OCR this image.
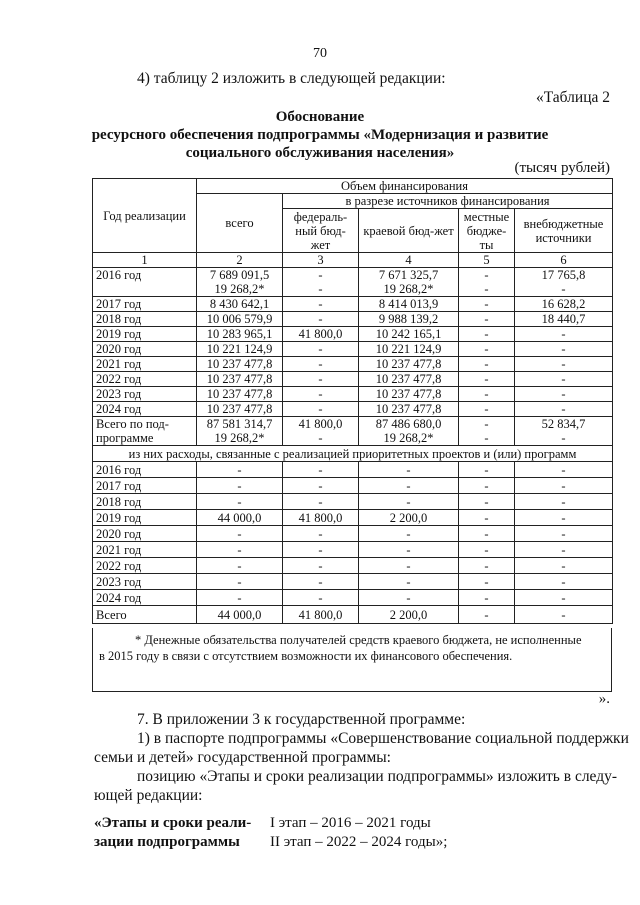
70
4) таблицу 2 изложить в следующей редакции:
«Таблица 2
Обоснование
ресурсного обеспечения подпрограммы «Модернизация и развитие
социального обслуживания населения»
(тысяч рублей)
Год реализации	Объем финансирования				
	всего	в разрезе источников финансирования			
		федераль-ный бюд-жет	краевой бюд-жет	местные бюдже-ты	внебюджетные источники
1	2	3	4	5	6
2016 год	7 689 091,5	-	7 671 325,7	-	17 765,8
	19 268,2*	-	19 268,2*	-	-
2017 год	8 430 642,1	-	8 414 013,9	-	16 628,2
2018 год	10 006 579,9	-	9 988 139,2	-	18 440,7
2019 год	10 283 965,1	41 800,0	10 242 165,1	-	-
2020 год	10 221 124,9	-	10 221 124,9	-	-
2021 год	10 237 477,8	-	10 237 477,8	-	-
2022 год	10 237 477,8	-	10 237 477,8	-	-
2023 год	10 237 477,8	-	10 237 477,8	-	-
2024 год	10 237 477,8	-	10 237 477,8	-	-
Всего по под-	87 581 314,7	41 800,0	87 486 680,0	-	52 834,7
программе	19 268,2*	-	19 268,2*	-	-
из них расходы, связанные с реализацией приоритетных проектов и (или) программ					
2016 год	-	-	-	-	-
2017 год	-	-	-	-	-
2018 год	-	-	-	-	-
2019 год	44 000,0	41 800,0	2 200,0	-	-
2020 год	-	-	-	-	-
2021 год	-	-	-	-	-
2022 год	-	-	-	-	-
2023 год	-	-	-	-	-
2024 год	-	-	-	-	-
Всего	44 000,0	41 800,0	2 200,0	-	-
* Денежные обязательства получателей средств краевого бюджета, не исполненные
в 2015 году в связи с отсутствием возможности их финансового обеспечения.
».
7. В приложении 3 к государственной программе:
1) в паспорте подпрограммы «Совершенствование социальной поддержки
семьи и детей» государственной программы:
позицию «Этапы и сроки реализации подпрограммы» изложить в следу-
ющей редакции:
«Этапы и сроки реали-
зации подпрограммы
I этап – 2016 – 2021 годы
II этап – 2022 – 2024 годы»;
